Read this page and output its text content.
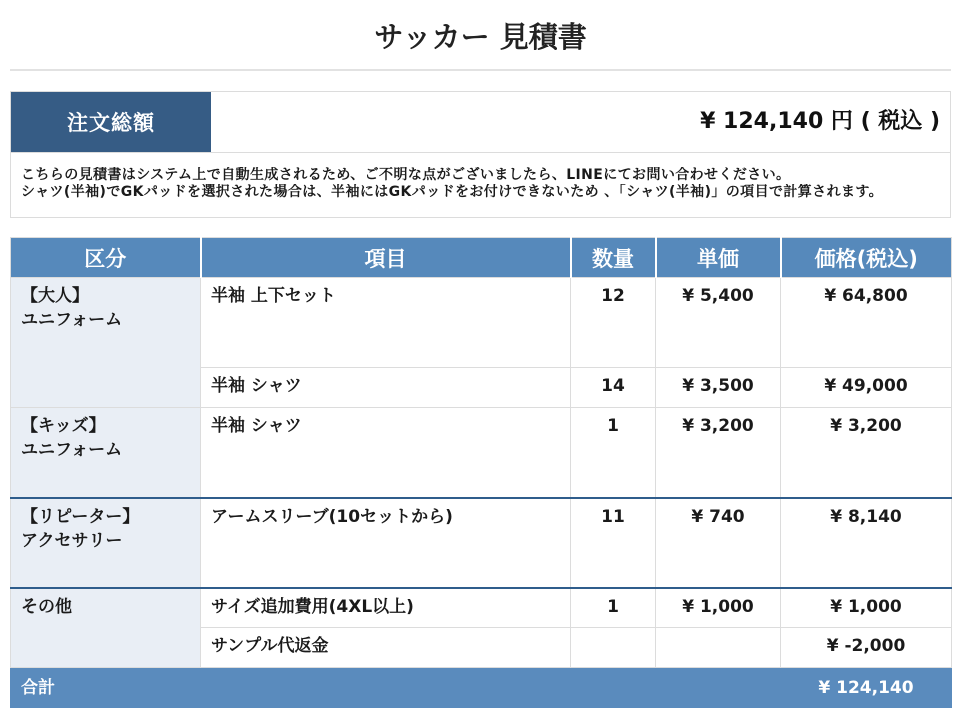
サッカー 見積書
注文総額	¥ 124,140 円 ( 税込 )
こちらの見積書はシステム上で自動生成されるため、ご不明な点がございましたら、LINEにてお問い合わせください。
シャツ(半袖)でGKパッドを選択された場合は、半袖にはGKパッドをお付けできないため 、「シャツ(半袖)」の項目で計算されます。
区分	項目	数量	単価	価格(税込)

【大人】
ユニフォーム	半袖 上下セット	12	¥ 5,400	¥ 64,800
	半袖 シャツ	14	¥ 3,500	¥ 49,000

【キッズ】
ユニフォーム	半袖 シャツ	1	¥ 3,200	¥ 3,200

【リピーター】
アクセサリー	アームスリーブ(10セットから)	11	¥ 740	¥ 8,140

その他	サイズ追加費用(4XL以上)	1	¥ 1,000	¥ 1,000
	サンプル代返金			¥ -2,000
合計				¥ 124,140
